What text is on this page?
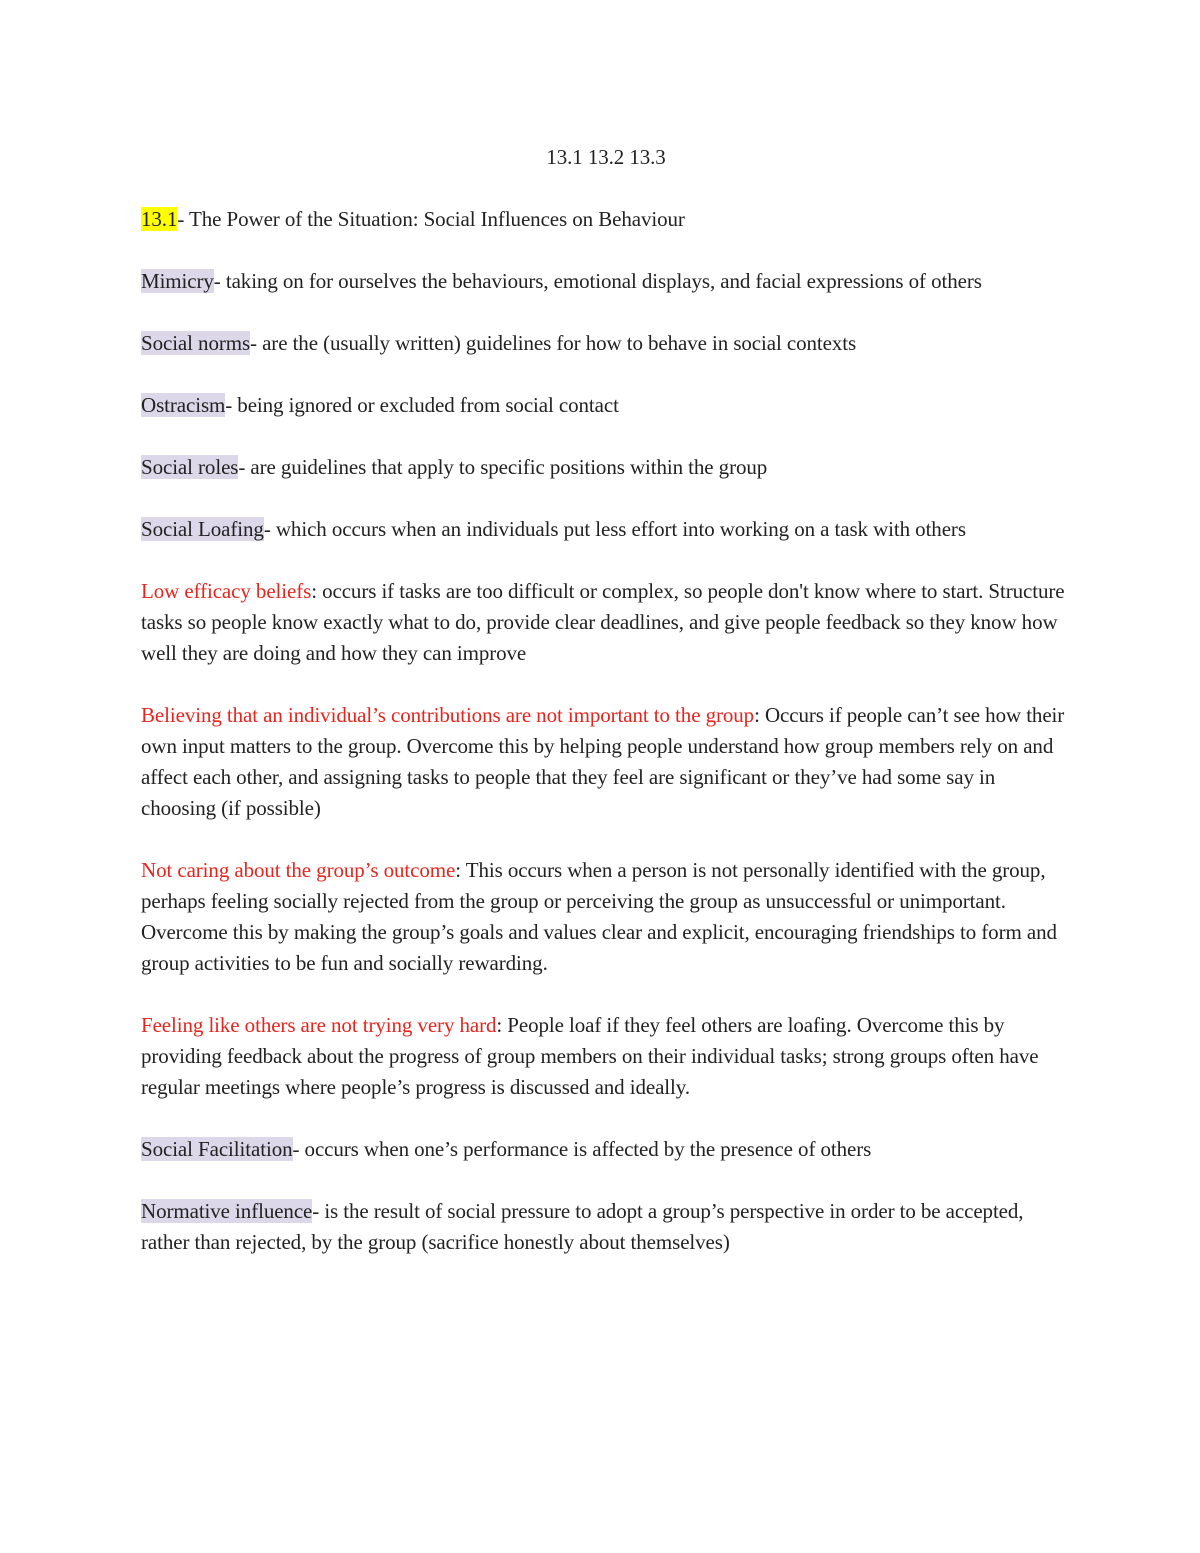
13.1 13.2 13.3
13.1- The Power of the Situation: Social Influences on Behaviour
Mimicry- taking on for ourselves the behaviours, emotional displays, and facial expressions of others
Social norms- are the (usually written) guidelines for how to behave in social contexts
Ostracism- being ignored or excluded from social contact
Social roles- are guidelines that apply to specific positions within the group
Social Loafing- which occurs when an individuals put less effort into working on a task with others
Low efficacy beliefs: occurs if tasks are too difficult or complex, so people don't know where to start. Structure tasks so people know exactly what to do, provide clear deadlines, and give people feedback so they know how well they are doing and how they can improve
Believing that an individual’s contributions are not important to the group: Occurs if people can’t see how their own input matters to the group. Overcome this by helping people understand how group members rely on and affect each other, and assigning tasks to people that they feel are significant or they’ve had some say in choosing (if possible)
Not caring about the group’s outcome: This occurs when a person is not personally identified with the group, perhaps feeling socially rejected from the group or perceiving the group as unsuccessful or unimportant. Overcome this by making the group’s goals and values clear and explicit, encouraging friendships to form and group activities to be fun and socially rewarding.
Feeling like others are not trying very hard: People loaf if they feel others are loafing. Overcome this by providing feedback about the progress of group members on their individual tasks; strong groups often have regular meetings where people’s progress is discussed and ideally.
Social Facilitation- occurs when one’s performance is affected by the presence of others
Normative influence- is the result of social pressure to adopt a group’s perspective in order to be accepted, rather than rejected, by the group (sacrifice honestly about themselves)
